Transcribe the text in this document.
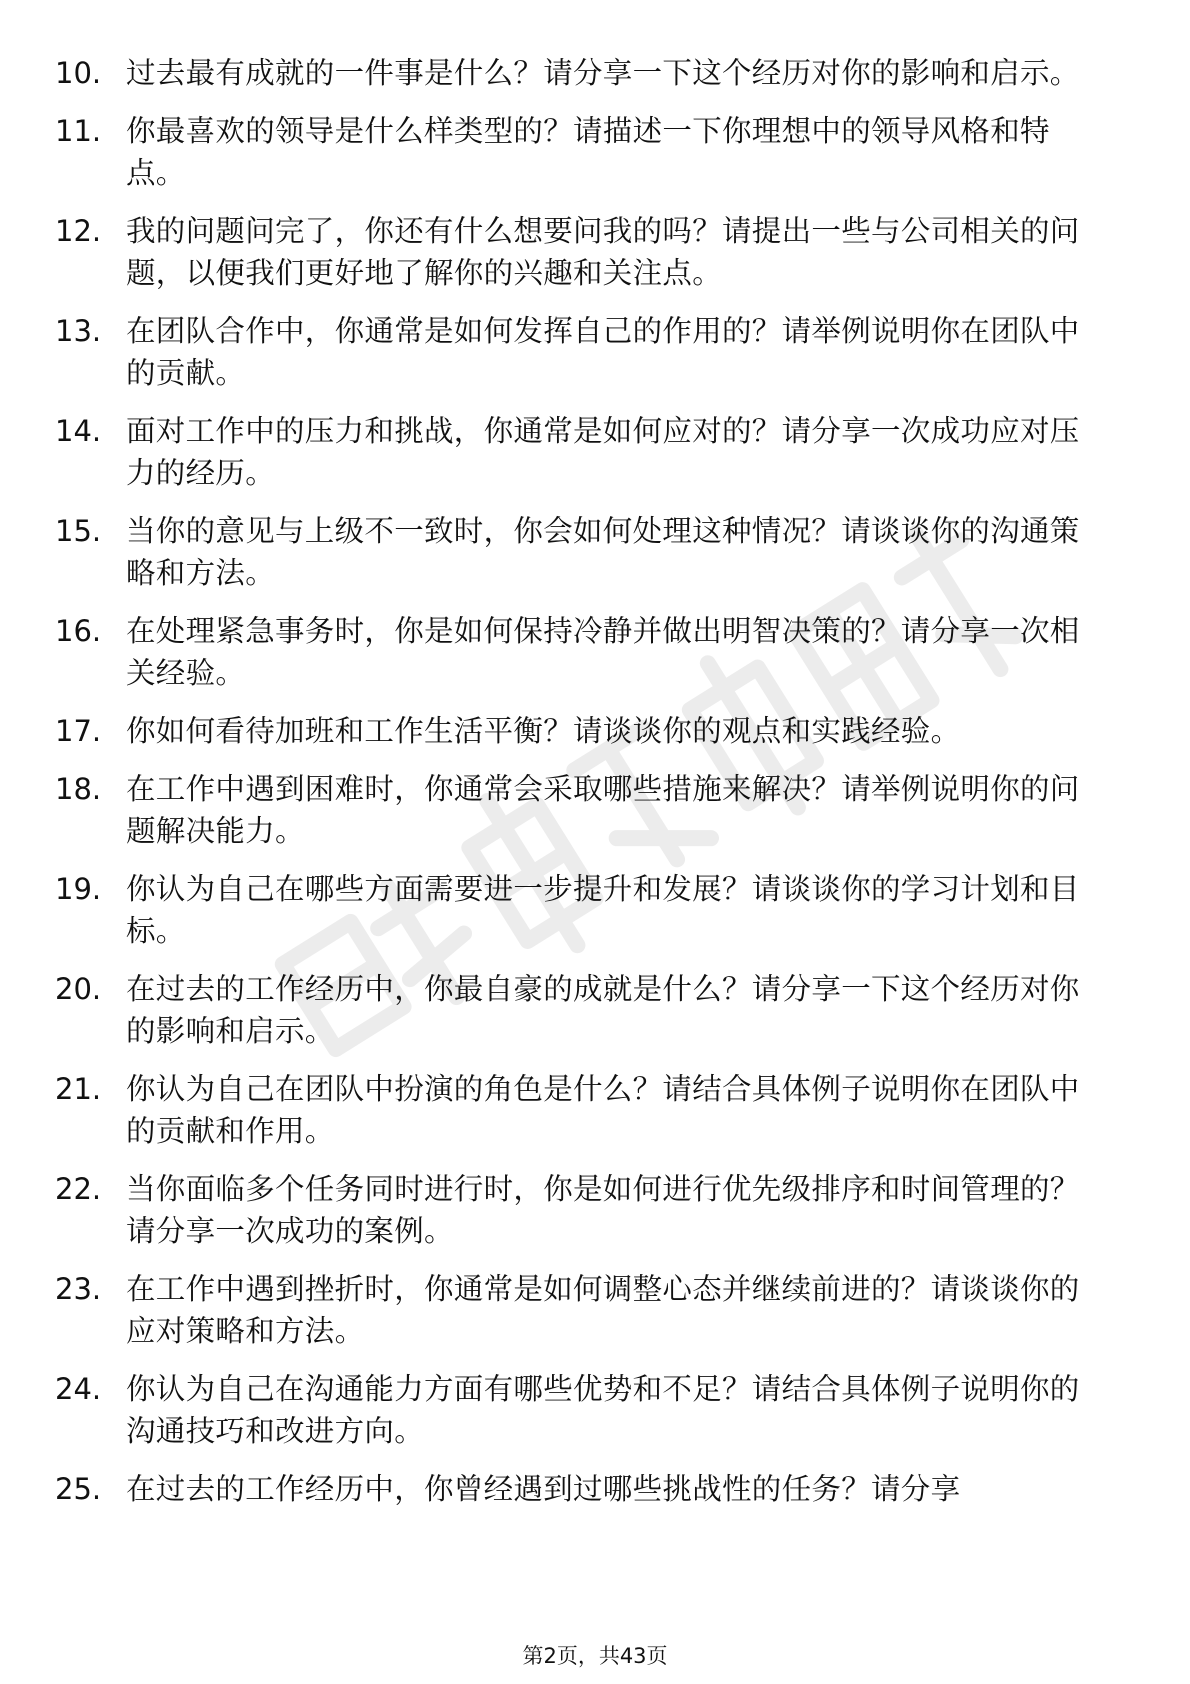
10. 过去最有成就的一件事是什么？请分享一下这个经历对你的影响和启示。
11. 你最喜欢的领导是什么样类型的？请描述一下你理想中的领导风格和特点。
12. 我的问题问完了，你还有什么想要问我的吗？请提出一些与公司相关的问题，以便我们更好地了解你的兴趣和关注点。
13. 在团队合作中，你通常是如何发挥自己的作用的？请举例说明你在团队中的贡献。
14. 面对工作中的压力和挑战，你通常是如何应对的？请分享一次成功应对压力的经历。
15. 当你的意见与上级不一致时，你会如何处理这种情况？请谈谈你的沟通策略和方法。
16. 在处理紧急事务时，你是如何保持冷静并做出明智决策的？请分享一次相关经验。
17. 你如何看待加班和工作生活平衡？请谈谈你的观点和实践经验。
18. 在工作中遇到困难时，你通常会采取哪些措施来解决？请举例说明你的问题解决能力。
19. 你认为自己在哪些方面需要进一步提升和发展？请谈谈你的学习计划和目标。
20. 在过去的工作经历中，你最自豪的成就是什么？请分享一下这个经历对你的影响和启示。
21. 你认为自己在团队中扮演的角色是什么？请结合具体例子说明你在团队中的贡献和作用。
22. 当你面临多个任务同时进行时，你是如何进行优先级排序和时间管理的？请分享一次成功的案例。
23. 在工作中遇到挫折时，你通常是如何调整心态并继续前进的？请谈谈你的应对策略和方法。
24. 你认为自己在沟通能力方面有哪些优势和不足？请结合具体例子说明你的沟通技巧和改进方向。
25. 在过去的工作经历中，你曾经遇到过哪些挑战性的任务？请分享
第2页，共43页
